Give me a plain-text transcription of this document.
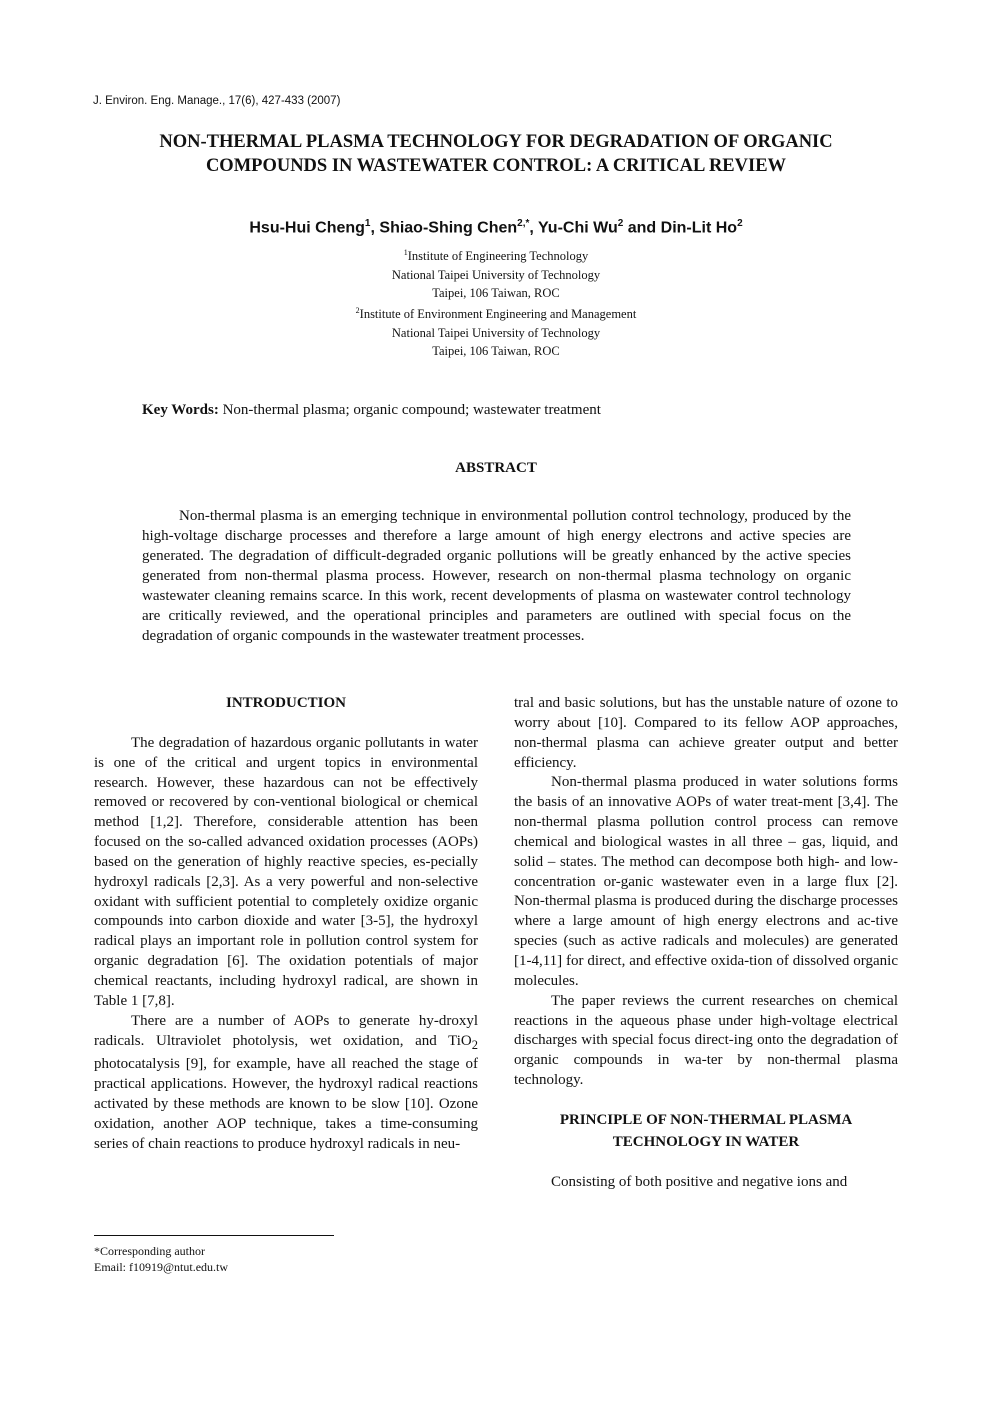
J. Environ. Eng. Manage., 17(6), 427-433 (2007)
NON-THERMAL PLASMA TECHNOLOGY FOR DEGRADATION OF ORGANIC
COMPOUNDS IN WASTEWATER CONTROL: A CRITICAL REVIEW
Hsu-Hui Cheng$^1$, Shiao-Shing Chen$^{2,*}$, Yu-Chi Wu$^2$ and Din-Lit Ho$^2$
$^1$Institute of Engineering Technology
National Taipei University of Technology
Taipei, 106 Taiwan, ROC
$^2$Institute of Environment Engineering and Management
National Taipei University of Technology
Taipei, 106 Taiwan, ROC
Key Words: Non-thermal plasma; organic compound; wastewater treatment
ABSTRACT

Non-thermal plasma is an emerging technique in environmental pollution control technology, produced by the high-voltage discharge processes and therefore a large amount of high energy electrons and active species are generated. The degradation of difficult-degraded organic pollutions will be greatly enhanced by the active species generated from non-thermal plasma process. However, research on non-thermal plasma technology on organic wastewater cleaning remains scarce. In this work, recent developments of plasma on wastewater control technology are critically reviewed, and the operational principles and parameters are outlined with special focus on the degradation of organic compounds in the wastewater treatment processes.

INTRODUCTION

The degradation of hazardous organic pollutants in water is one of the critical and urgent topics in environmental research. However, these hazardous can not be effectively removed or recovered by con-ventional biological or chemical method [1,2]. Therefore, considerable attention has been focused on the so-called advanced oxidation processes (AOPs) based on the generation of highly reactive species, es-pecially hydroxyl radicals [2,3]. As a very powerful and non-selective oxidant with sufficient potential to completely oxidize organic compounds into carbon dioxide and water [3-5], the hydroxyl radical plays an important role in pollution control system for organic degradation [6]. The oxidation potentials of major chemical reactants, including hydroxyl radical, are shown in Table 1 [7,8].

There are a number of AOPs to generate hy-droxyl radicals. Ultraviolet photolysis, wet oxidation, and TiO$_2$ photocatalysis [9], for example, have all reached the stage of practical applications. However, the hydroxyl radical reactions activated by these methods are known to be slow [10]. Ozone oxidation, another AOP technique, takes a time-consuming series of chain reactions to produce hydroxyl radicals in neu-

tral and basic solutions, but has the unstable nature of ozone to worry about [10]. Compared to its fellow AOP approaches, non-thermal plasma can achieve greater output and better efficiency.

Non-thermal plasma produced in water solutions forms the basis of an innovative AOPs of water treat-ment [3,4]. The non-thermal plasma pollution control process can remove chemical and biological wastes in all three – gas, liquid, and solid – states. The method can decompose both high- and low-concentration or-ganic wastewater even in a large flux [2]. Non-thermal plasma is produced during the discharge processes where a large amount of high energy electrons and ac-tive species (such as active radicals and molecules) are generated [1-4,11] for direct, and effective oxida-tion of dissolved organic molecules.

The paper reviews the current researches on chemical reactions in the aqueous phase under high-voltage electrical discharges with special focus direct-ing onto the degradation of organic compounds in wa-ter by non-thermal plasma technology.

PRINCIPLE OF NON-THERMAL PLASMA
TECHNOLOGY IN WATER

Consisting of both positive and negative ions and

*Corresponding author
Email: f10919@ntut.edu.tw
